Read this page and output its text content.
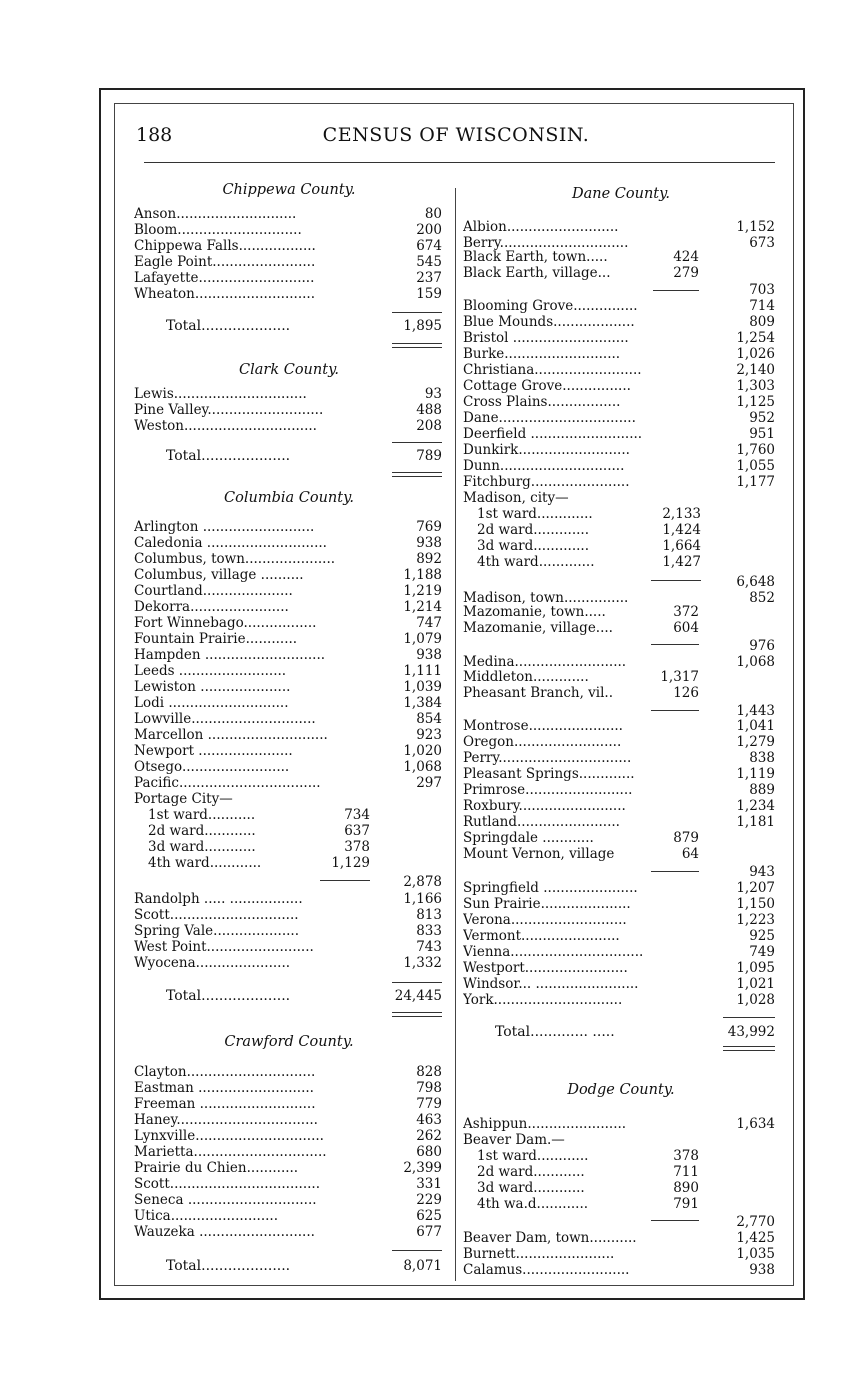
188	CENSUS OF WISCONSIN.
Chippewa County.
Anson............................	80
Bloom.............................	200
Chippewa Falls..................	674
Eagle Point........................	545
Lafayette...........................	237
Wheaton............................	159
Total....................	1,895
Clark County.
Lewis...............................	93
Pine Valley...........................	488
Weston...............................	208
Total....................	789
Columbia County.
Arlington ..........................	769
Caledonia ............................	938
Columbus, town.....................	892
Columbus, village ..........	1,188
Courtland.....................	1,219
Dekorra.......................	1,214
Fort Winnebago.................	747
Fountain Prairie............	1,079
Hampden ............................	938
Leeds .........................	1,111
Lewiston .....................	1,039
Lodi ............................	1,384
Lowville.............................	854
Marcellon ............................	923
Newport ......................	1,020
Otsego.........................	1,068
Pacific.................................	297
Portage City—
1st ward...........	734
2d ward............	637
3d ward............	378
4th ward............	1,129
2,878
Randolph ..... .................	1,166
Scott..............................	813
Spring Vale....................	833
West Point.........................	743
Wyocena......................	1,332
Total....................	24,445
Crawford County.
Clayton..............................	828
Eastman ...........................	798
Freeman ...........................	779
Haney.................................	463
Lynxville..............................	262
Marietta...............................	680
Prairie du Chien............	2,399
Scott...................................	331
Seneca ..............................	229
Utica.........................	625
Wauzeka ...........................	677
Total....................	8,071
Dane County.
Albion..........................	1,152
Berry..............................	673
Black Earth, town.....	424
Black Earth, village...	279
703
Blooming Grove...............	714
Blue Mounds...................	809
Bristol ...........................	1,254
Burke...........................	1,026
Christiana.........................	2,140
Cottage Grove................	1,303
Cross Plains.................	1,125
Dane................................	952
Deerfield ..........................	951
Dunkirk..........................	1,760
Dunn.............................	1,055
Fitchburg.......................	1,177
Madison, city—
1st ward.............	2,133
2d ward.............	1,424
3d ward.............	1,664
4th ward.............	1,427
6,648
Madison, town...............	852
Mazomanie, town.....	372
Mazomanie, village....	604
976
Medina..........................	1,068
Middleton.............	1,317
Pheasant Branch, vil..	126
1,443
Montrose......................	1,041
Oregon.........................	1,279
Perry...............................	838
Pleasant Springs.............	1,119
Primrose.........................	889
Roxbury.........................	1,234
Rutland........................	1,181
Springdale ............	879
Mount Vernon, village	64
943
Springfield ......................	1,207
Sun Prairie.....................	1,150
Verona...........................	1,223
Vermont.......................	925
Vienna...............................	749
Westport........................	1,095
Windsor... ........................	1,021
York..............................	1,028
Total............. .....	43,992
Dodge County.
Ashippun.......................	1,634
Beaver Dam.—
1st ward............	378
2d ward............	711
3d ward............	890
4th wa.d............	791
2,770
Beaver Dam, town...........	1,425
Burnett.......................	1,035
Calamus.........................	938
